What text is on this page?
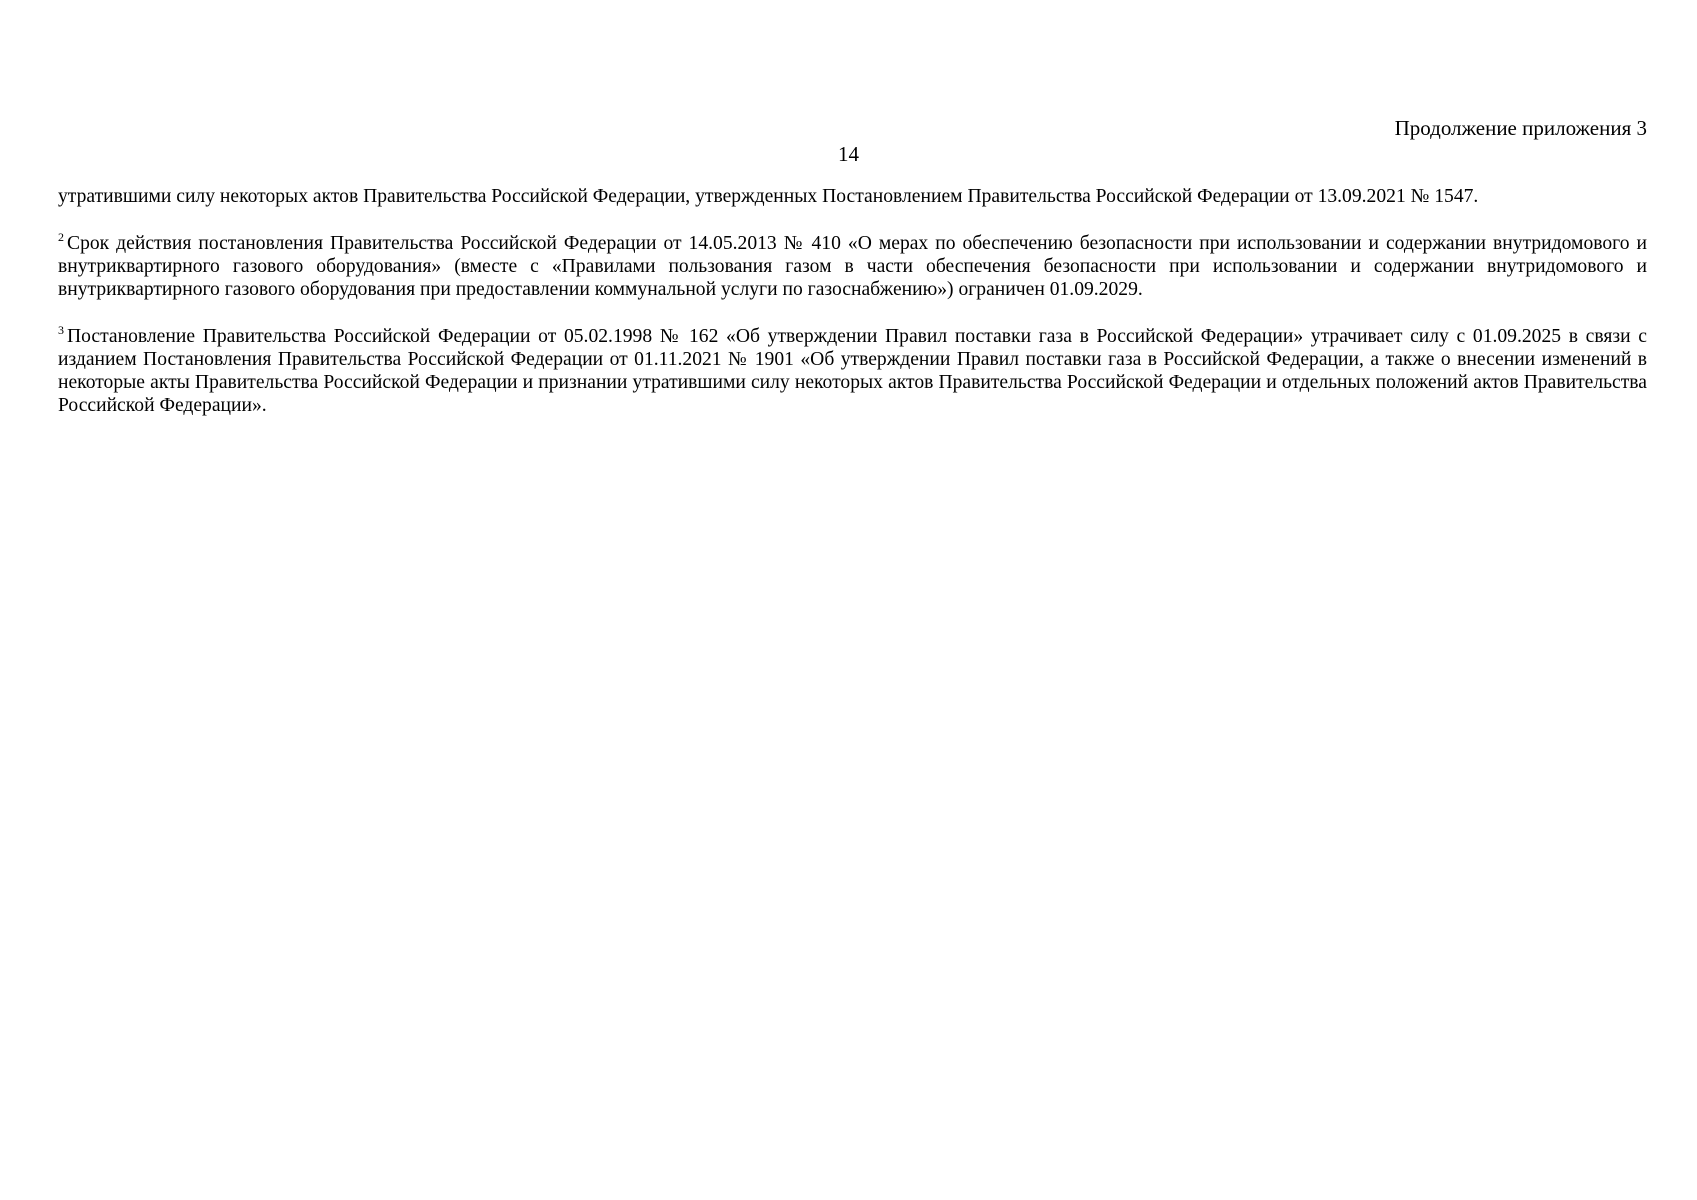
Продолжение приложения 3
14

утратившими силу некоторых актов Правительства Российской Федерации, утвержденных Постановлением Правительства Российской Федерации от 13.09.2021 № 1547.

$^2$ Срок действия постановления Правительства Российской Федерации от 14.05.2013 № 410 «О мерах по обеспечению безопасности при использовании и содержании внутридомового и внутриквартирного газового оборудования» (вместе с «Правилами пользования газом в части обеспечения безопасности при использовании и содержании внутридомового и внутриквартирного газового оборудования при предоставлении коммунальной услуги по газоснабжению») ограничен 01.09.2029.

$^3$ Постановление Правительства Российской Федерации от 05.02.1998 № 162 «Об утверждении Правил поставки газа в Российской Федерации» утрачивает силу с 01.09.2025 в связи с изданием Постановления Правительства Российской Федерации от 01.11.2021 № 1901 «Об утверждении Правил поставки газа в Российской Федерации, а также о внесении изменений в некоторые акты Правительства Российской Федерации и признании утратившими силу некоторых актов Правительства Российской Федерации и отдельных положений актов Правительства Российской Федерации».
